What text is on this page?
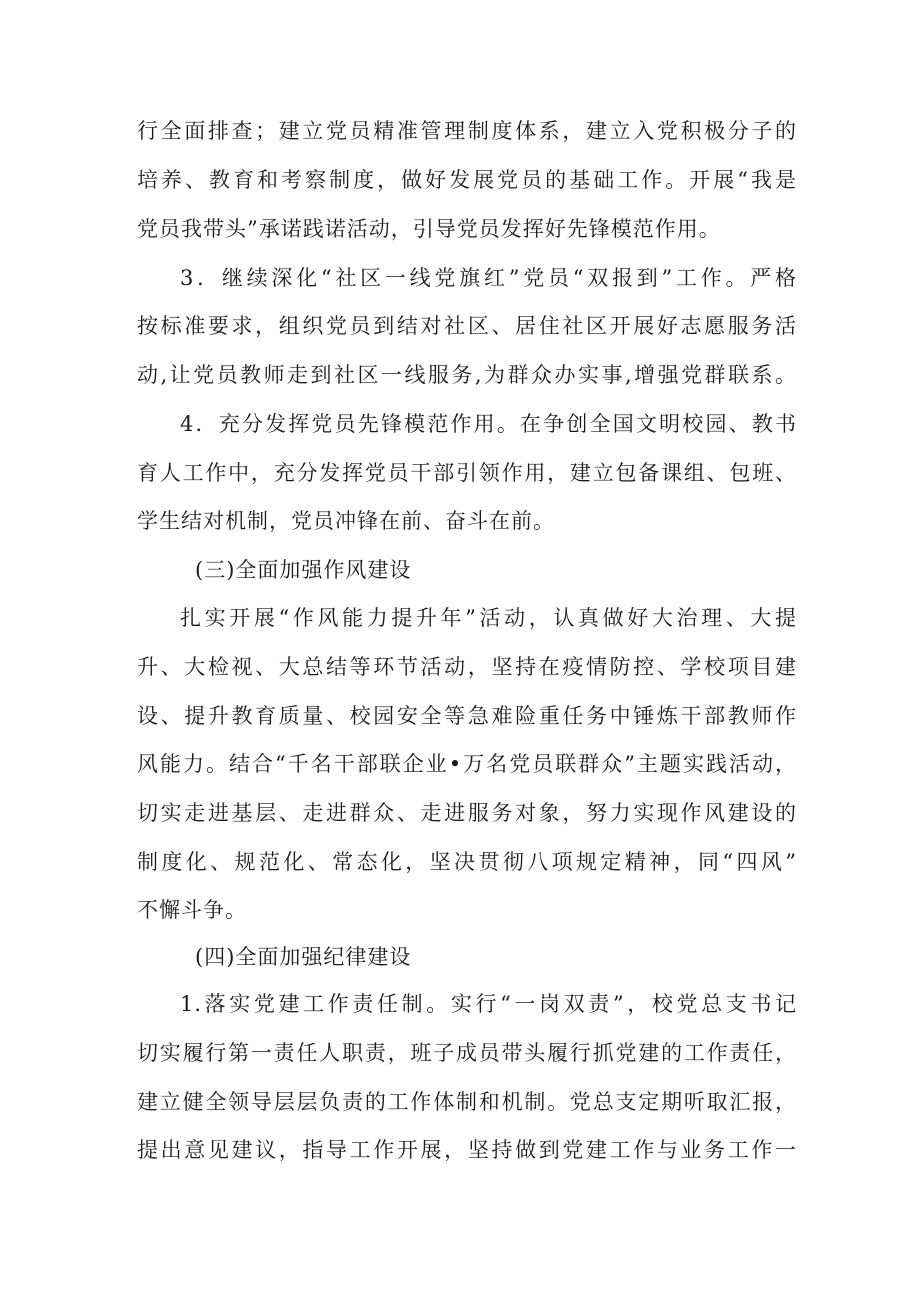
行全面排查；建立党员精准管理制度体系，建立入党积极分子的
培养、教育和考察制度，做好发展党员的基础工作。开展“我是
党员我带头”承诺践诺活动，引导党员发挥好先锋模范作用。
3．继续深化“社区一线党旗红”党员“双报到”工作。严格
按标准要求，组织党员到结对社区、居住社区开展好志愿服务活
动,让党员教师走到社区一线服务,为群众办实事,增强党群联系。
4．充分发挥党员先锋模范作用。在争创全国文明校园、教书
育人工作中，充分发挥党员干部引领作用，建立包备课组、包班、
学生结对机制，党员冲锋在前、奋斗在前。
(三)全面加强作风建设
扎实开展“作风能力提升年”活动，认真做好大治理、大提
升、大检视、大总结等环节活动，坚持在疫情防控、学校项目建
设、提升教育质量、校园安全等急难险重任务中锤炼干部教师作
风能力。结合“千名干部联企业•万名党员联群众”主题实践活动，
切实走进基层、走进群众、走进服务对象，努力实现作风建设的
制度化、规范化、常态化，坚决贯彻八项规定精神，同“四风”
不懈斗争。
(四)全面加强纪律建设
1.落实党建工作责任制。实行“一岗双责”，校党总支书记
切实履行第一责任人职责，班子成员带头履行抓党建的工作责任，
建立健全领导层层负责的工作体制和机制。党总支定期听取汇报，
提出意见建议，指导工作开展，坚持做到党建工作与业务工作一
